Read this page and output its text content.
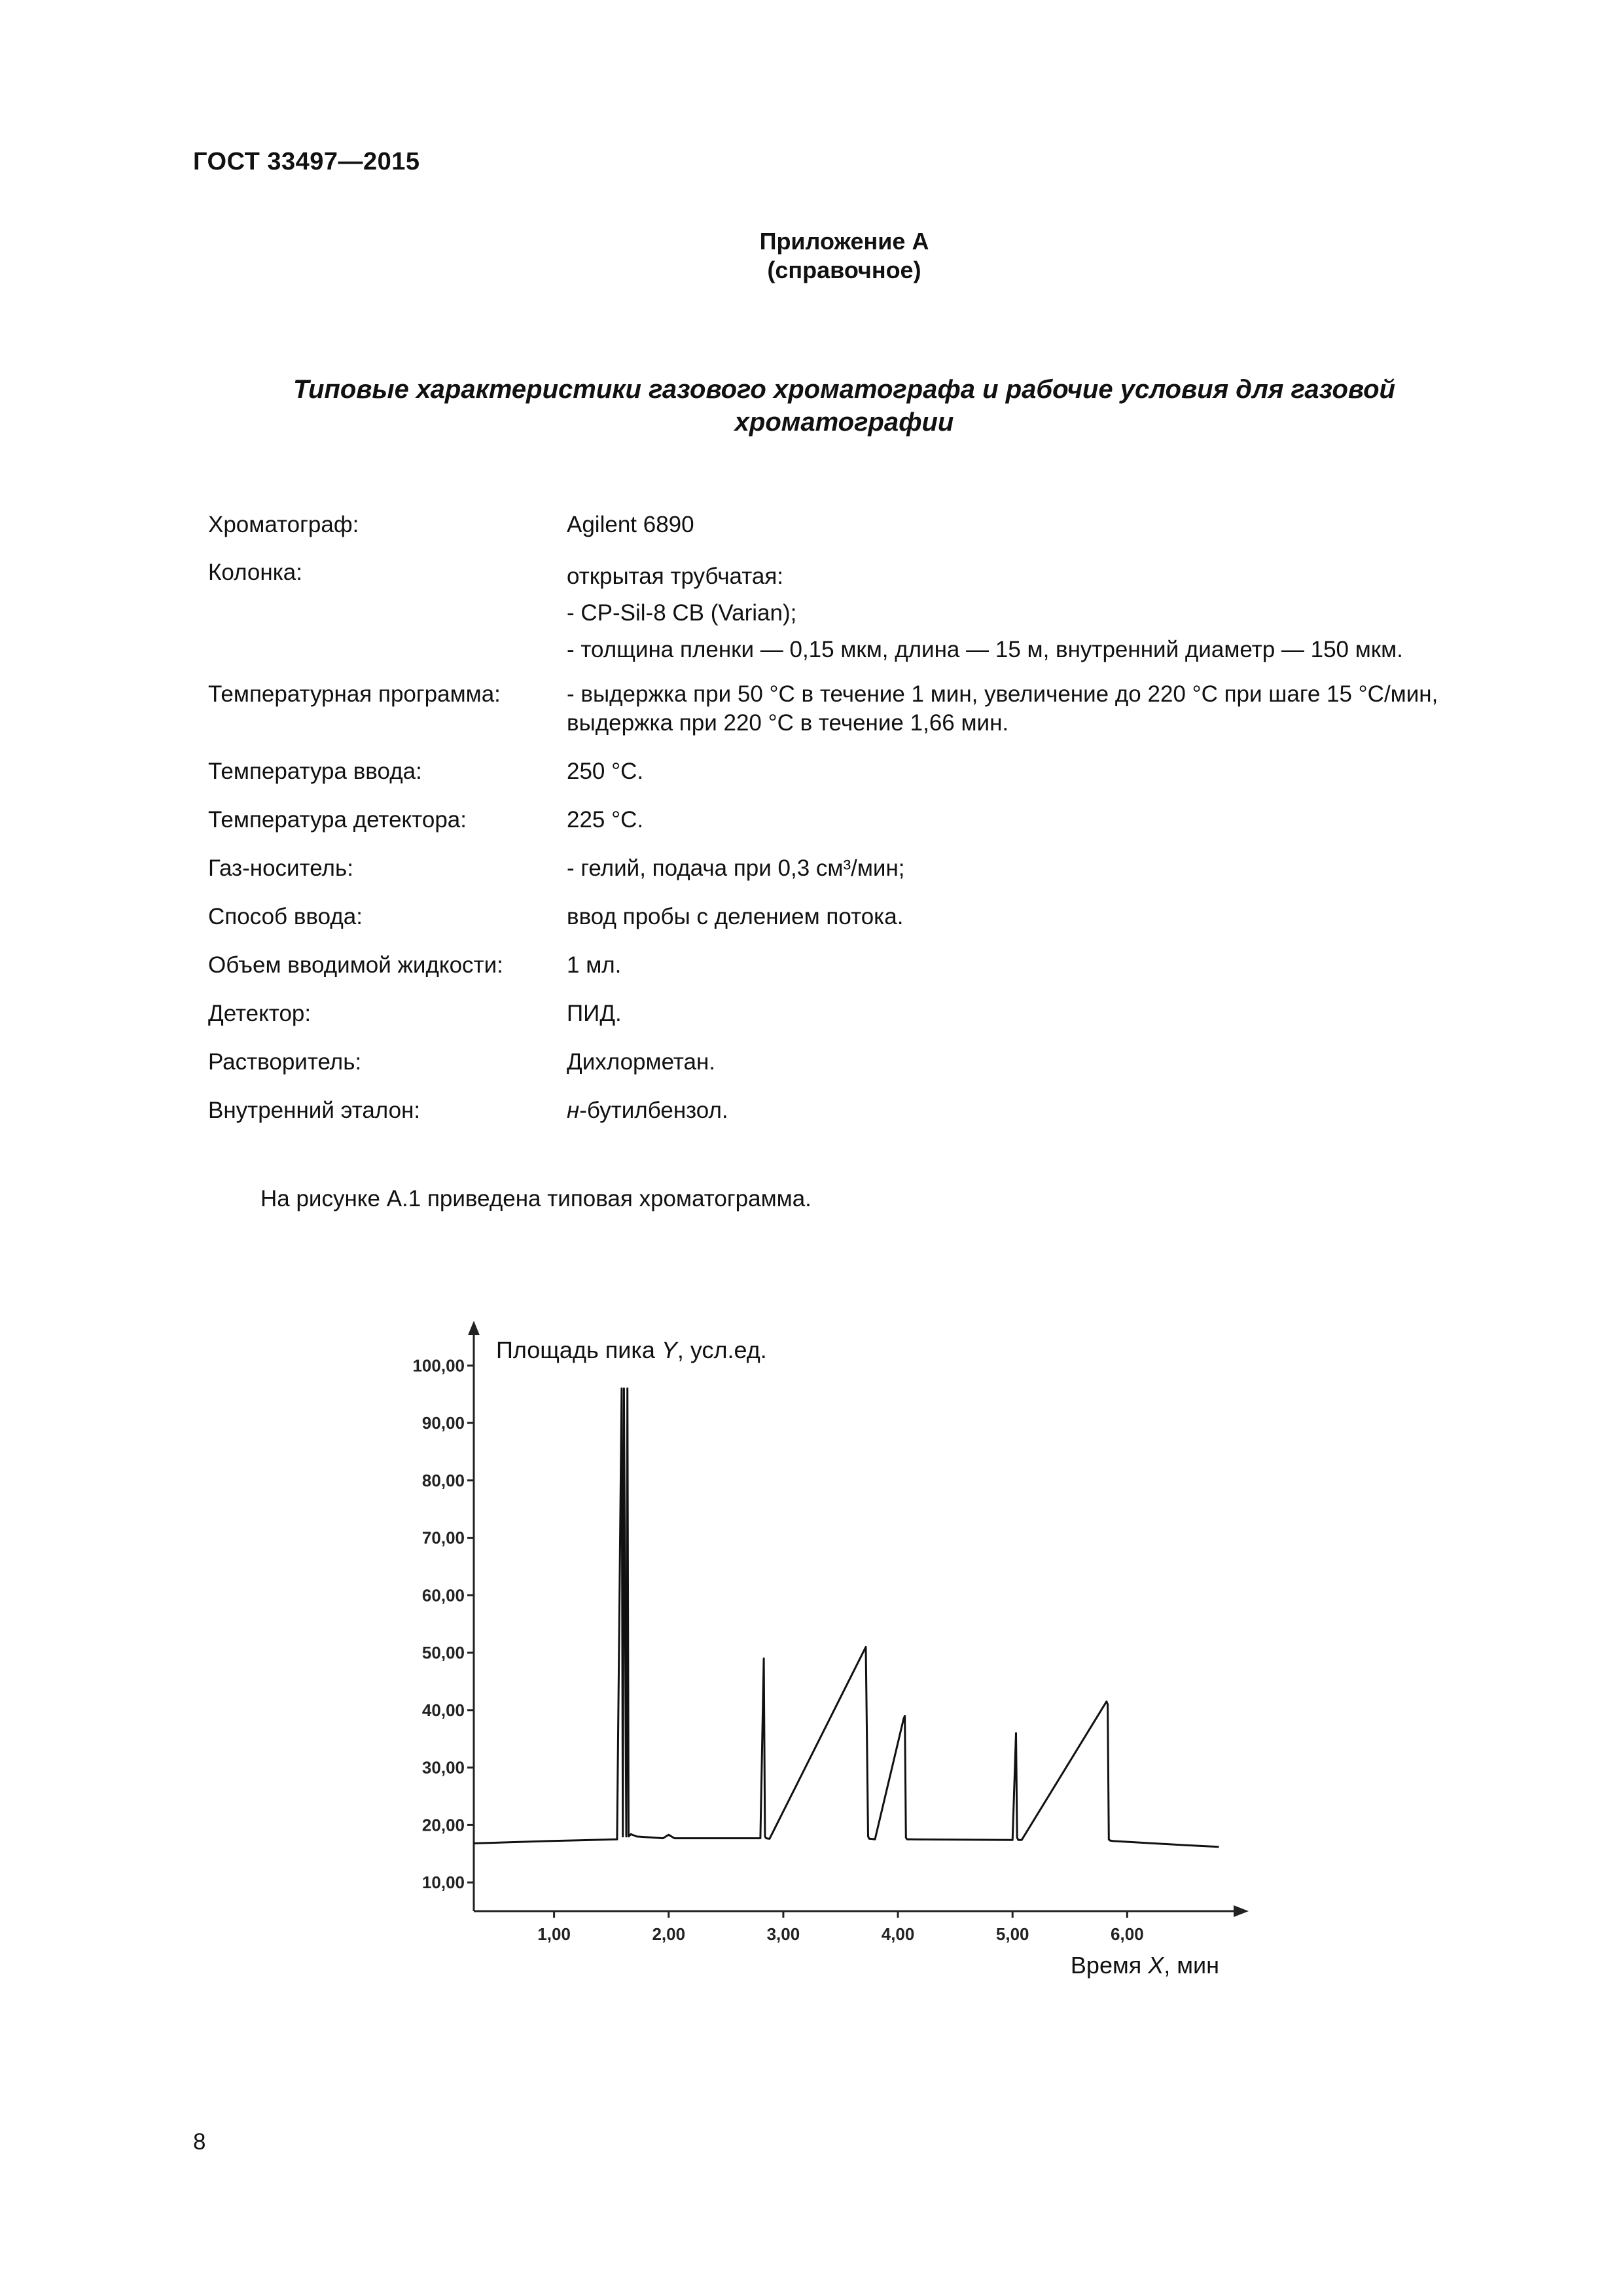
ГОСТ 33497—2015
Приложение А
(справочное)
Типовые характеристики газового хроматографа и рабочие условия для газовой
хроматографии
Хроматограф:	Agilent 6890
Колонка:	открытая трубчатая:
- CP-Sil-8 CB (Varian);
- толщина пленки — 0,15 мкм, длина — 15 м, внутренний диаметр — 150 мкм.
Температурная программа:	- выдержка при 50 °С в течение 1 мин, увеличение до 220 °С при шаге 15 °С/мин,
выдержка при 220 °С в течение 1,66 мин.
Температура ввода:	250 °С.
Температура детектора:	225 °С.
Газ-носитель:	- гелий, подача при 0,3 см³/мин;
Способ ввода:	ввод пробы с делением потока.
Объем вводимой жидкости:	1 мл.
Детектор:	ПИД.
Растворитель:	Дихлорметан.
Внутренний эталон:	н-бутилбензол.
На рисунке А.1 приведена типовая хроматограмма.
10,00
20,00
30,00
40,00
50,00
60,00
70,00
80,00
90,00
100,00
1,00	2,00	3,00	4,00	5,00	6,00
Площадь пика Y, усл.ед.
Время X, мин
8
